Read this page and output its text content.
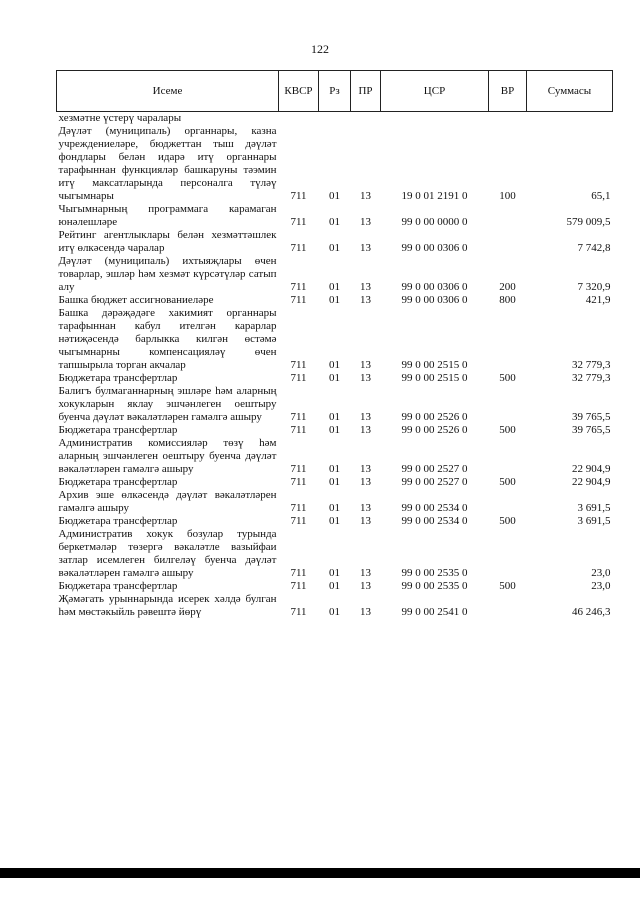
122
Исеме	КВСР	Рз	ПР	ЦСР	ВР	Суммасы
хезмәтне үстерү чаралары						
Дәүләт (муниципаль) органнары, казна учреждениеләре, бюджеттан тыш дәүләт фондлары белән идарә итү органнары тарафыннан функцияләр башкаруны тәэмин итү максатларында персоналга түләү чыгымнары	711	01	13	19 0 01 2191 0	100	65,1
Чыгымнарның программага карамаган юнәлешләре	711	01	13	99 0 00 0000 0		579 009,5
Рейтинг агентлыклары белән хезмәттәшлек итү өлкәсендә чаралар	711	01	13	99 0 00 0306 0		7 742,8
Дәүләт (муниципаль) ихтыяҗлары өчен товарлар, эшләр һәм хезмәт күрсәтүләр сатып алу	711	01	13	99 0 00 0306 0	200	7 320,9
Башка бюджет ассигнованиеләре	711	01	13	99 0 00 0306 0	800	421,9
Башка дәрәҗәдәге хакимият органнары тарафыннан кабул ителгән карарлар нәтиҗәсендә барлыкка килгән өстәмә чыгымнарны компенсацияләү өчен тапшырыла торган акчалар	711	01	13	99 0 00 2515 0		32 779,3
Бюджетара трансфертлар	711	01	13	99 0 00 2515 0	500	32 779,3
Балигъ булмаганнарның эшләре һәм аларның хокукларын яклау эшчәнлеген оештыру буенча дәүләт вәкаләтләрен гамәлгә ашыру	711	01	13	99 0 00 2526 0		39 765,5
Бюджетара трансфертлар	711	01	13	99 0 00 2526 0	500	39 765,5
Административ комиссияләр төзү һәм аларның эшчәнлеген оештыру буенча дәүләт вәкаләтләрен гамәлгә ашыру	711	01	13	99 0 00 2527 0		22 904,9
Бюджетара трансфертлар	711	01	13	99 0 00 2527 0	500	22 904,9
Архив эше өлкәсендә дәүләт вәкаләтләрен гамәлгә ашыру	711	01	13	99 0 00 2534 0		3 691,5
Бюджетара трансфертлар	711	01	13	99 0 00 2534 0	500	3 691,5
Административ хокук бозулар турында беркетмәләр төзергә вәкаләтле вазыйфаи затлар исемлеген билгеләү буенча дәүләт вәкаләтләрен гамәлгә ашыру	711	01	13	99 0 00 2535 0		23,0
Бюджетара трансфертлар	711	01	13	99 0 00 2535 0	500	23,0
Җәмәгать урыннарында исерек хәлдә булган һәм мөстәкыйль рәвештә йөрү	711	01	13	99 0 00 2541 0		46 246,3
